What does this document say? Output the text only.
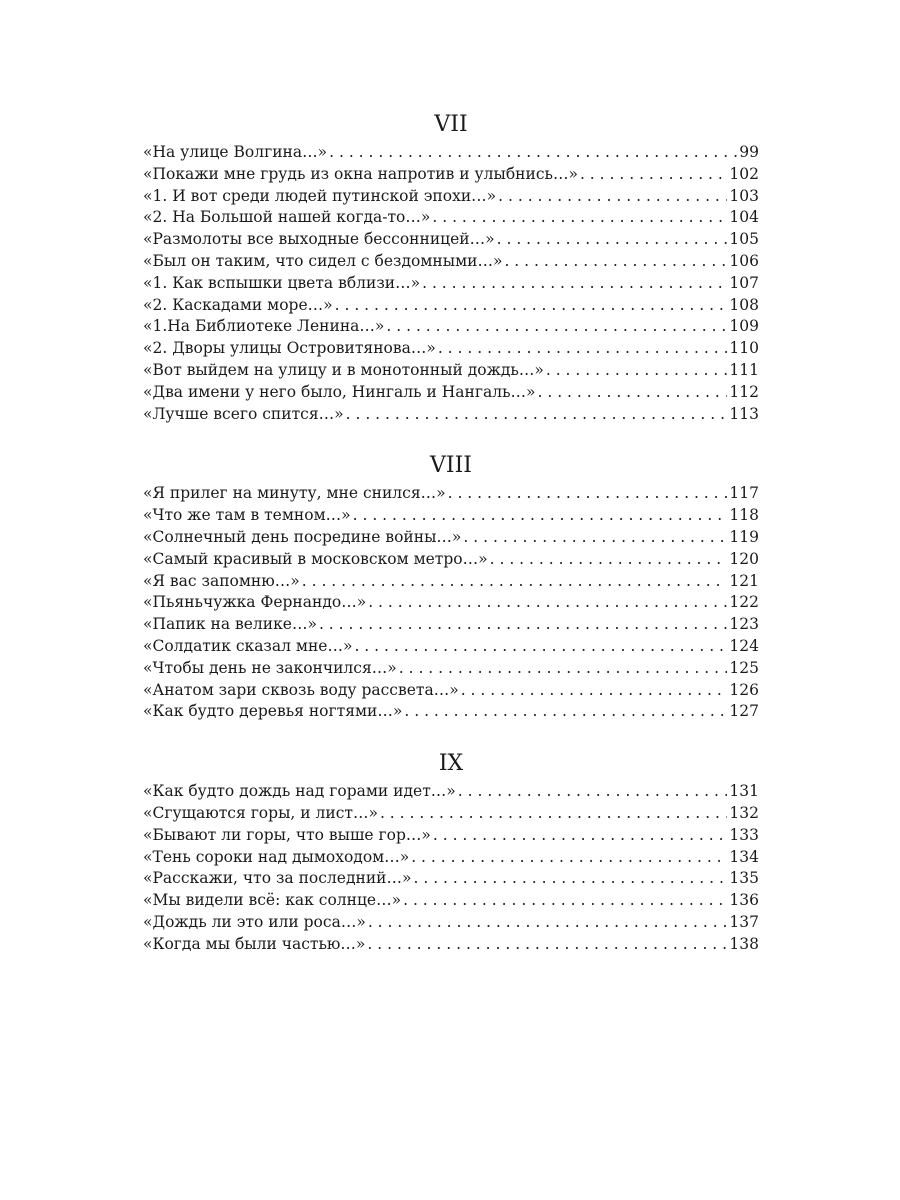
VII
«На улице Волгина…» . . .	99
«Покажи мне грудь из окна напротив и улыбнись…» . . .	102
«1. И вот среди людей путинской эпохи…» . . .	103
«2. На Большой нашей когда-то…» . . .	104
«Размолоты все выходные бессонницей…» . . .	105
«Был он таким, что сидел с бездомными…» . . .	106
«1. Как вспышки цвета вблизи…» . . .	107
«2. Каскадами море…» . . .	108
«1.На Библиотеке Ленина…» . . .	109
«2. Дворы улицы Островитянова…» . . .	110
«Вот выйдем на улицу и в монотонный дождь…» . . .	111
«Два имени у него было, Нингаль и Нангаль…» . . .	112
«Лучше всего спится…» . . .	113
VIII
«Я прилег на минуту, мне снился…» . . .	117
«Что же там в темном…» . . .	118
«Солнечный день посредине войны…» . . .	119
«Самый красивый в московском метро…» . . .	120
«Я вас запомню…» . . .	121
«Пьяньчужка Фернандо…» . . .	122
«Папик на велике…» . . .	123
«Солдатик сказал мне…» . . .	124
«Чтобы день не закончился…» . . .	125
«Анатом зари сквозь воду рассвета…» . . .	126
«Как будто деревья ногтями…» . . .	127
IX
«Как будто дождь над горами идет…» . . .	131
«Сгущаются горы, и лист…» . . .	132
«Бывают ли горы, что выше гор…» . . .	133
«Тень сороки над дымоходом…» . . .	134
«Расскажи, что за последний…» . . .	135
«Мы видели всё: как солнце…» . . .	136
«Дождь ли это или роса…» . . .	137
«Когда мы были частью…» . . .	138
